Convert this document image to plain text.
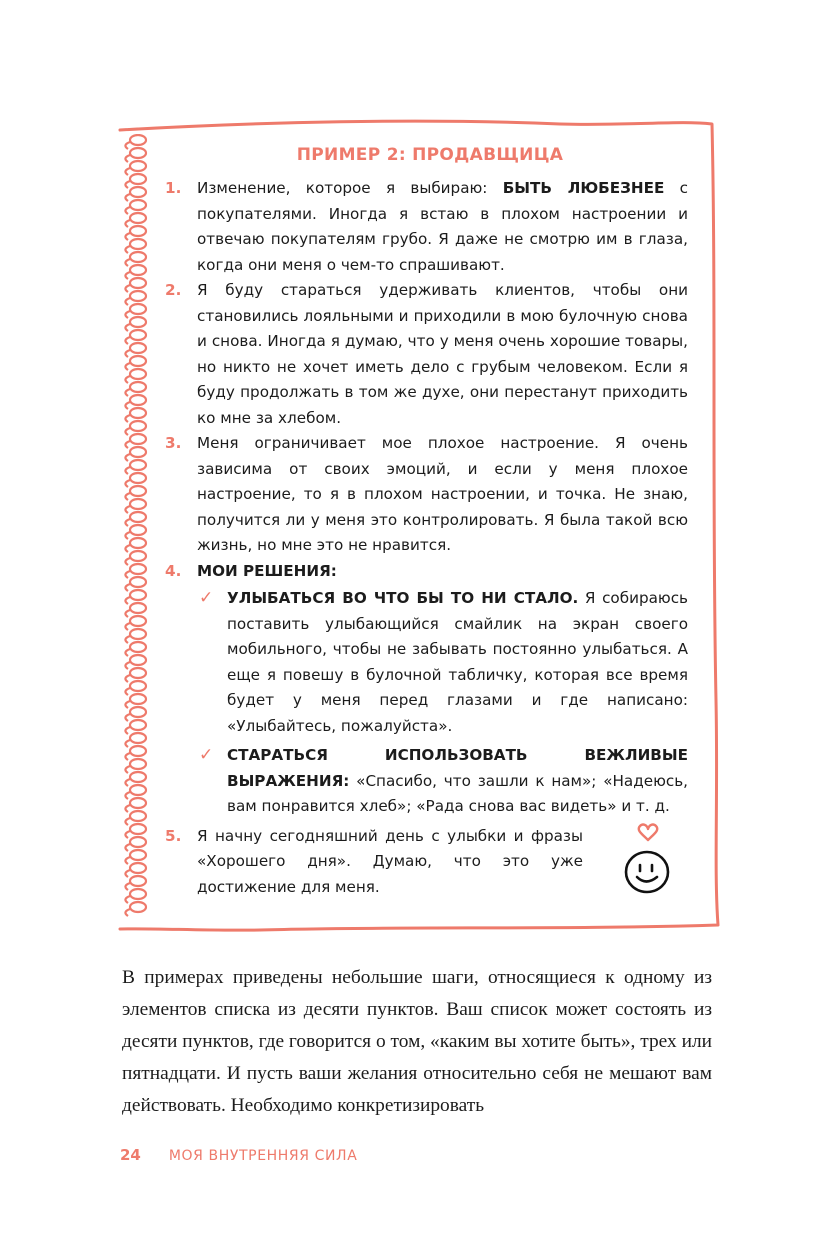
ПРИМЕР 2: ПРОДАВЩИЦА
1. Изменение, которое я выбираю: БЫТЬ ЛЮБЕЗНЕЕ с покупателями. Иногда я встаю в плохом настроении и отвечаю покупателям грубо. Я даже не смотрю им в глаза, когда они меня о чем-то спрашивают.
2. Я буду стараться удерживать клиентов, чтобы они становились лояльными и приходили в мою булочную снова и снова. Иногда я думаю, что у меня очень хорошие товары, но никто не хочет иметь дело с грубым человеком. Если я буду продолжать в том же духе, они перестанут приходить ко мне за хлебом.
3. Меня ограничивает мое плохое настроение. Я очень зависима от своих эмоций, и если у меня плохое настроение, то я в плохом настроении, и точка. Не знаю, получится ли у меня это контролировать. Я была такой всю жизнь, но мне это не нравится.
4. МОИ РЕШЕНИЯ:
✓ УЛЫБАТЬСЯ ВО ЧТО БЫ ТО НИ СТАЛО. Я собираюсь поставить улыбающийся смайлик на экран своего мобильного, чтобы не забывать постоянно улыбаться. А еще я повешу в булочной табличку, которая все время будет у меня перед глазами и где написано: «Улыбайтесь, пожалуйста».
✓ СТАРАТЬСЯ ИСПОЛЬЗОВАТЬ ВЕЖЛИВЫЕ ВЫРАЖЕНИЯ: «Спасибо, что зашли к нам»; «Надеюсь, вам понравится хлеб»; «Рада снова вас видеть» и т. д.
5. Я начну сегодняшний день с улыбки и фразы «Хорошего дня». Думаю, что это уже достижение для меня.
В примерах приведены небольшие шаги, относящиеся к одному из элементов списка из десяти пунктов. Ваш список может состоять из десяти пунктов, где говорится о том, «каким вы хотите быть», трех или пятнадцати. И пусть ваши желания относительно себя не мешают вам действовать. Необходимо конкретизировать
24 МОЯ ВНУТРЕННЯЯ СИЛА
